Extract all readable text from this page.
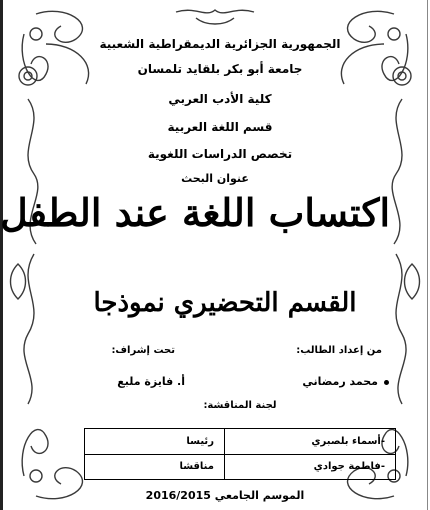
الجمهورية الجزائرية الديمقراطية الشعبية
جامعة أبو بكر بلقايد تلمسان
كلية الأدب العربي
قسم اللغة العربية
تخصص الدراسات اللغوية
عنوان البحث
اكتساب اللغة عند الطفل
القسم التحضيري نموذجا
من إعداد الطالب:
تحت إشراف:
محمد رمضاني
أ. فايزة ملبع
لجنة المناقشة:
-أسماء بلصبري	رئيسا
-فاطمة جوادي	مناقشا
الموسم الجامعي 2016/2015
